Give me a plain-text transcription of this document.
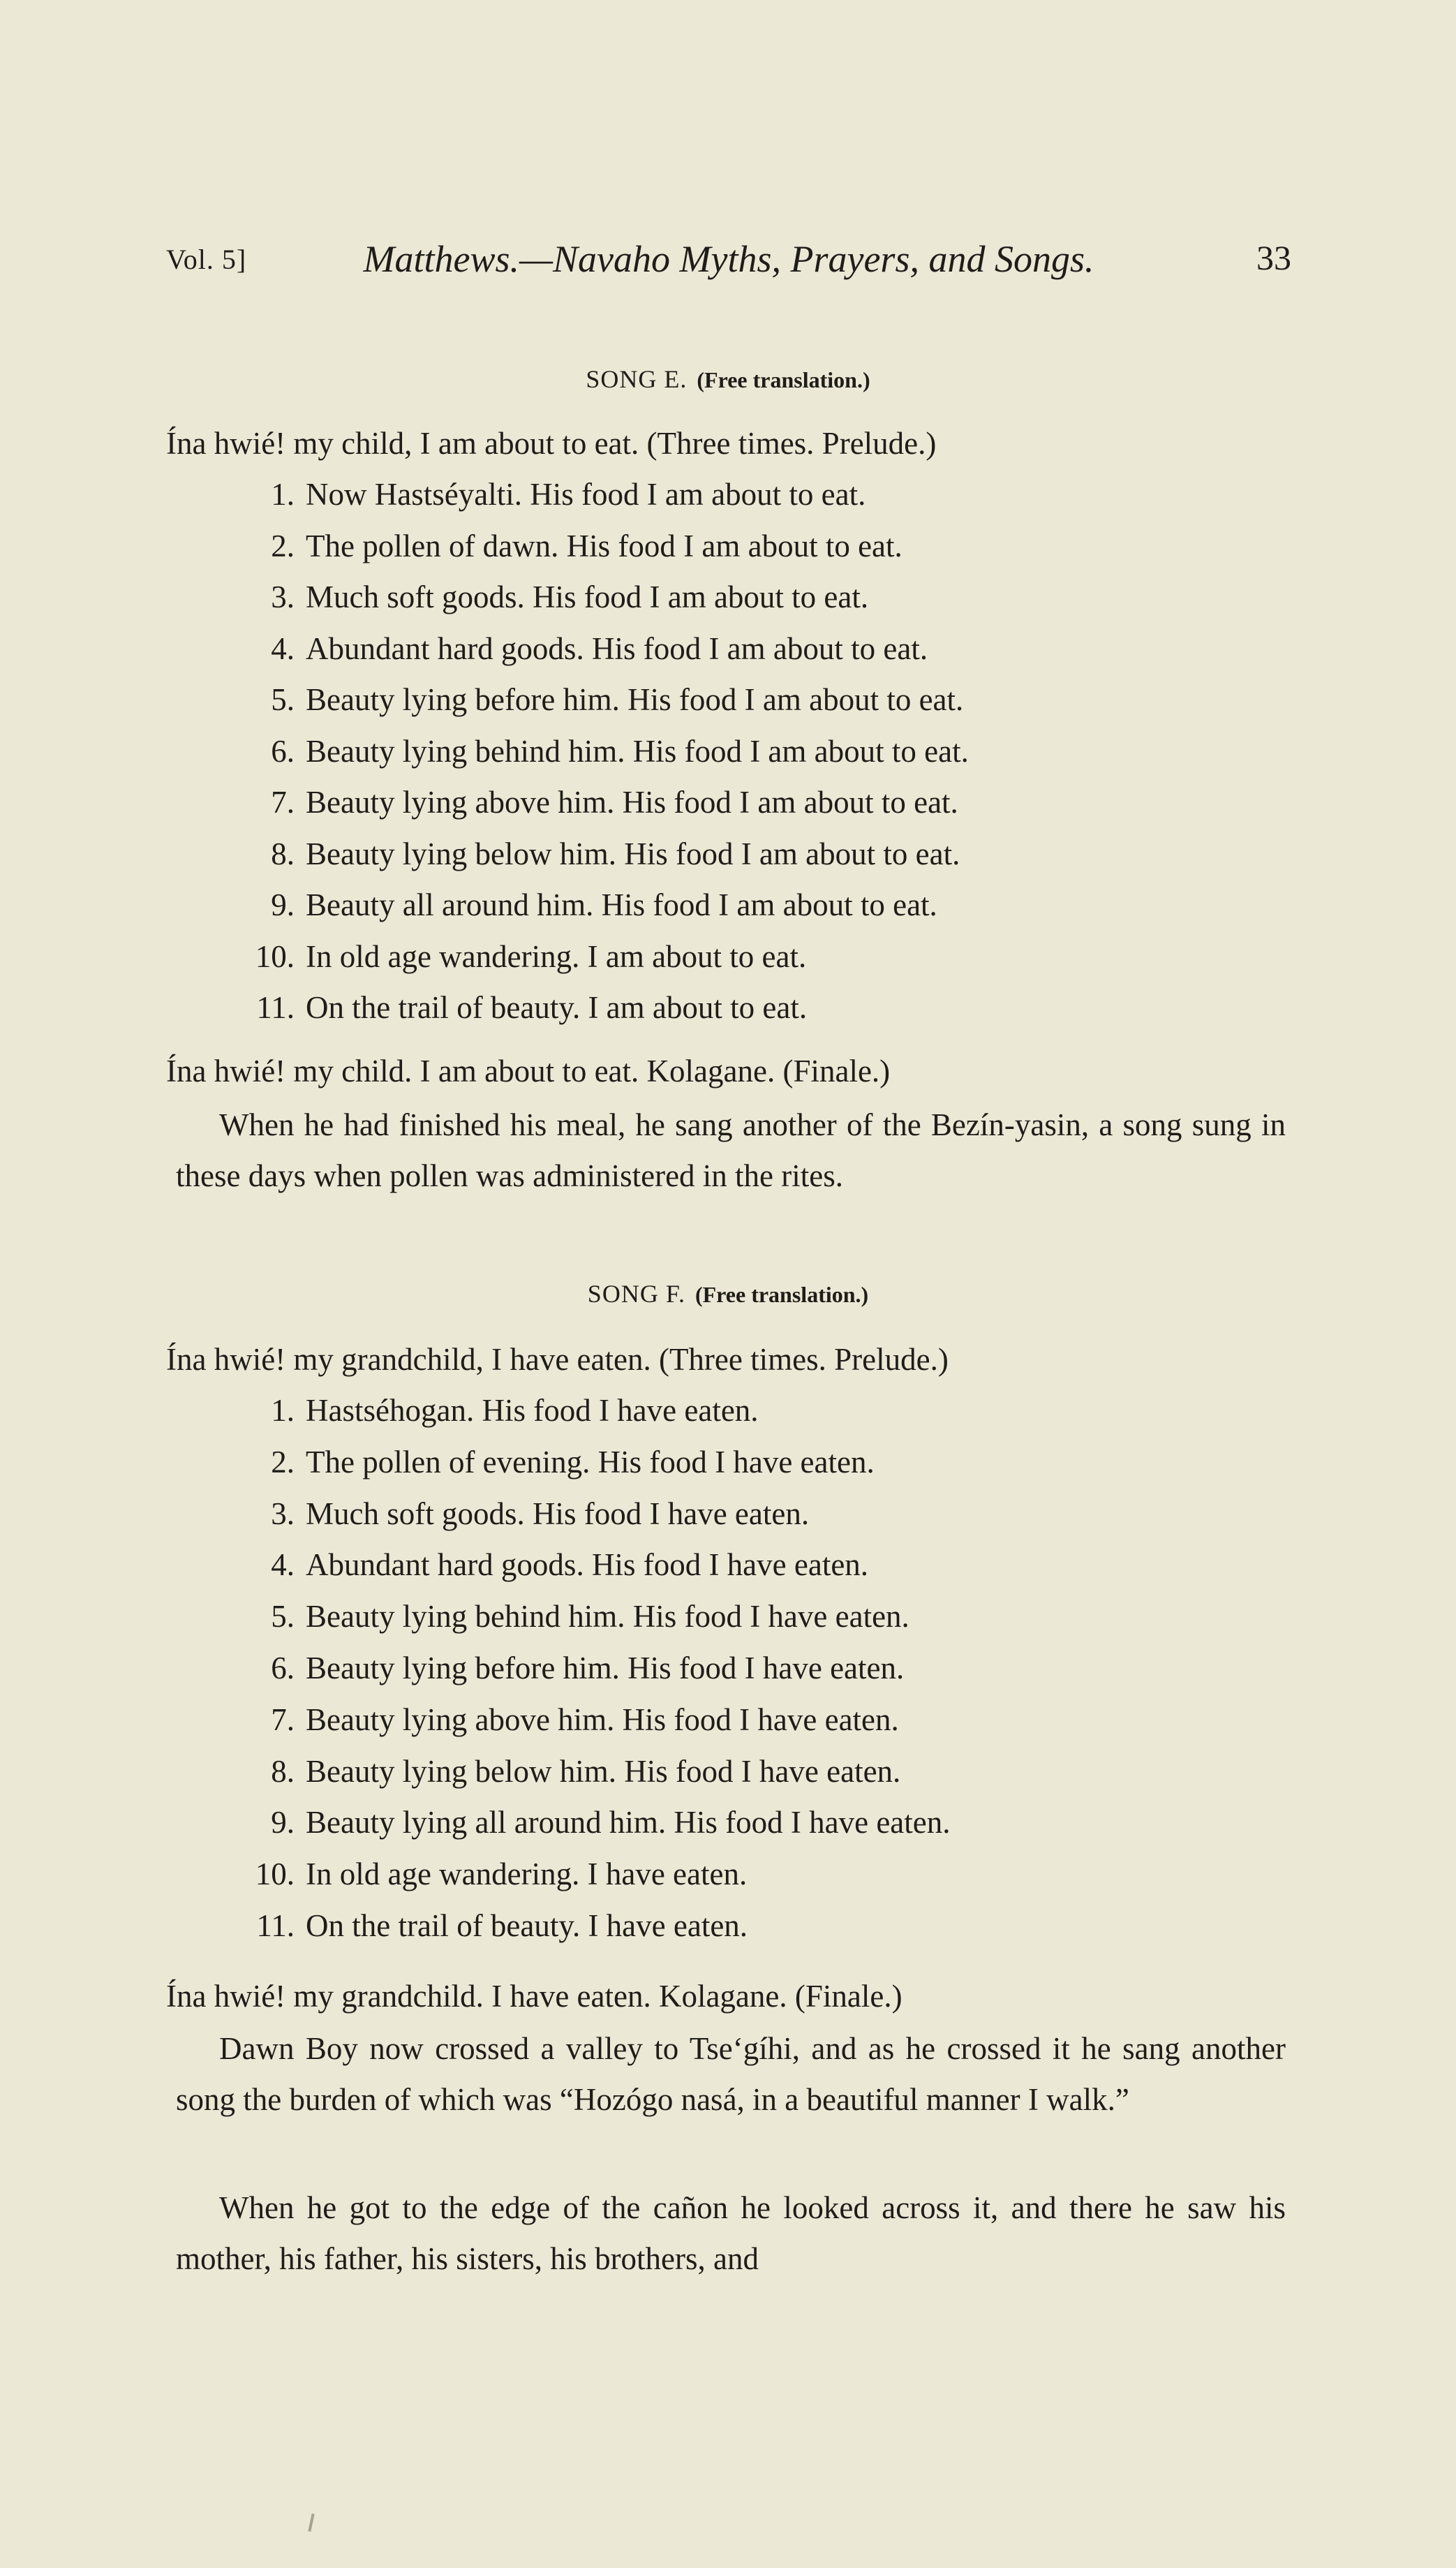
Vol. 5]	Matthews.—Navaho Myths, Prayers, and Songs.	33
SONG E. (Free translation.)
Ína hwié! my child, I am about to eat. (Three times. Prelude.)
1. Now Hastséyalti. His food I am about to eat.
2. The pollen of dawn. His food I am about to eat.
3. Much soft goods. His food I am about to eat.
4. Abundant hard goods. His food I am about to eat.
5. Beauty lying before him. His food I am about to eat.
6. Beauty lying behind him. His food I am about to eat.
7. Beauty lying above him. His food I am about to eat.
8. Beauty lying below him. His food I am about to eat.
9. Beauty all around him. His food I am about to eat.
10. In old age wandering. I am about to eat.
11. On the trail of beauty. I am about to eat.
Ína hwié! my child. I am about to eat. Kolagane. (Finale.)
When he had finished his meal, he sang another of the Bezín-yasin, a song sung in these days when pollen was administered in the rites.
SONG F. (Free translation.)
Ína hwié! my grandchild, I have eaten. (Three times. Prelude.)
1. Hastséhogan. His food I have eaten.
2. The pollen of evening. His food I have eaten.
3. Much soft goods. His food I have eaten.
4. Abundant hard goods. His food I have eaten.
5. Beauty lying behind him. His food I have eaten.
6. Beauty lying before him. His food I have eaten.
7. Beauty lying above him. His food I have eaten.
8. Beauty lying below him. His food I have eaten.
9. Beauty lying all around him. His food I have eaten.
10. In old age wandering. I have eaten.
11. On the trail of beauty. I have eaten.
Ína hwié! my grandchild. I have eaten. Kolagane. (Finale.)
Dawn Boy now crossed a valley to Tse‘gíhi, and as he crossed it he sang another song the burden of which was “Hozógo nasá, in a beautiful manner I walk.”
When he got to the edge of the cañon he looked across it, and there he saw his mother, his father, his sisters, his brothers, and
